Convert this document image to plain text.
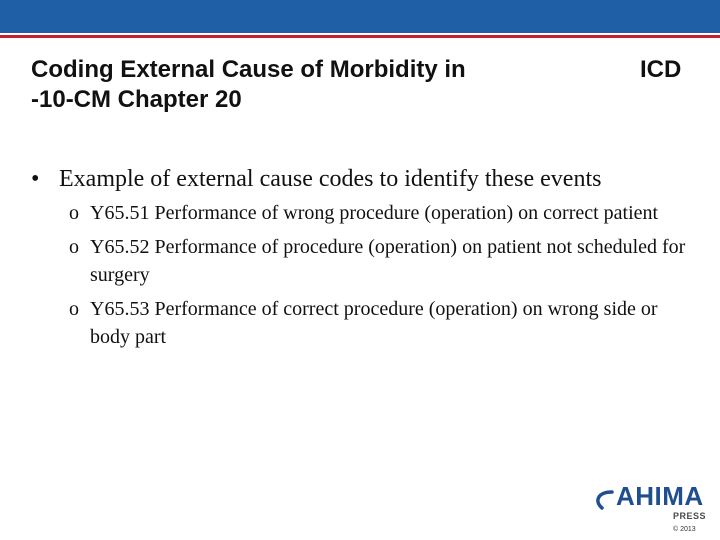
Coding External Cause of Morbidity in	ICD
-10-CM Chapter 20
• Example of external cause codes to identify these events
o Y65.51 Performance of wrong procedure (operation) on correct patient
o Y65.52 Performance of procedure (operation) on patient not scheduled for surgery
o Y65.53 Performance of correct procedure (operation) on wrong side or body part
AHIMA
PRESS
© 2013
